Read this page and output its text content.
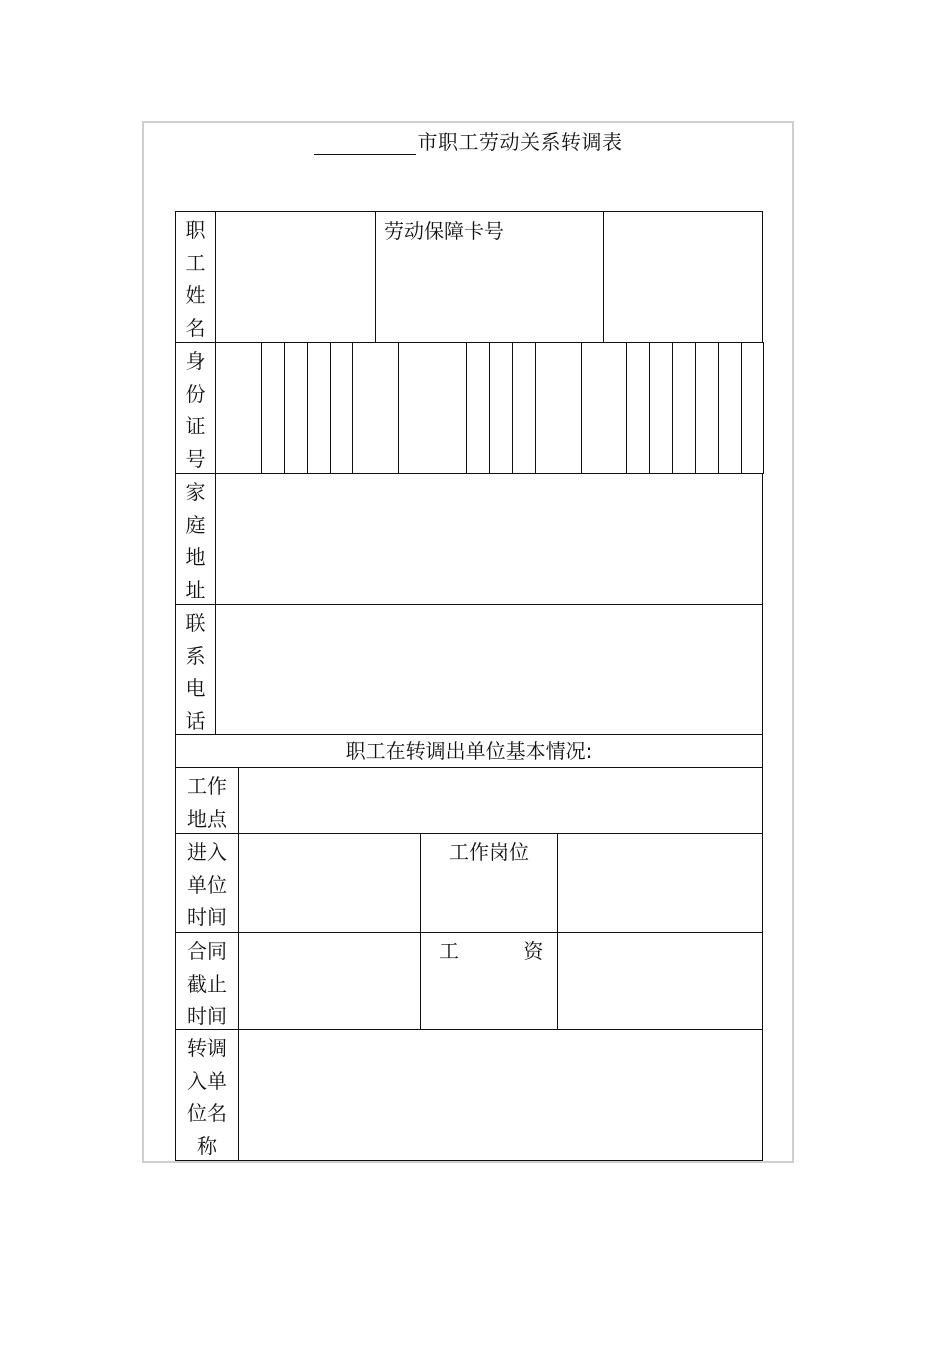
市职工劳动关系转调表
职
工
姓
名
劳动保障卡号
身
份
证
号
家
庭
地
址
联
系
电
话
职工在转调出单位基本情况:
工作
地点
进入
单位
时间
工作岗位
合同
截止
时间
工	资
转调
入单
位名
称
